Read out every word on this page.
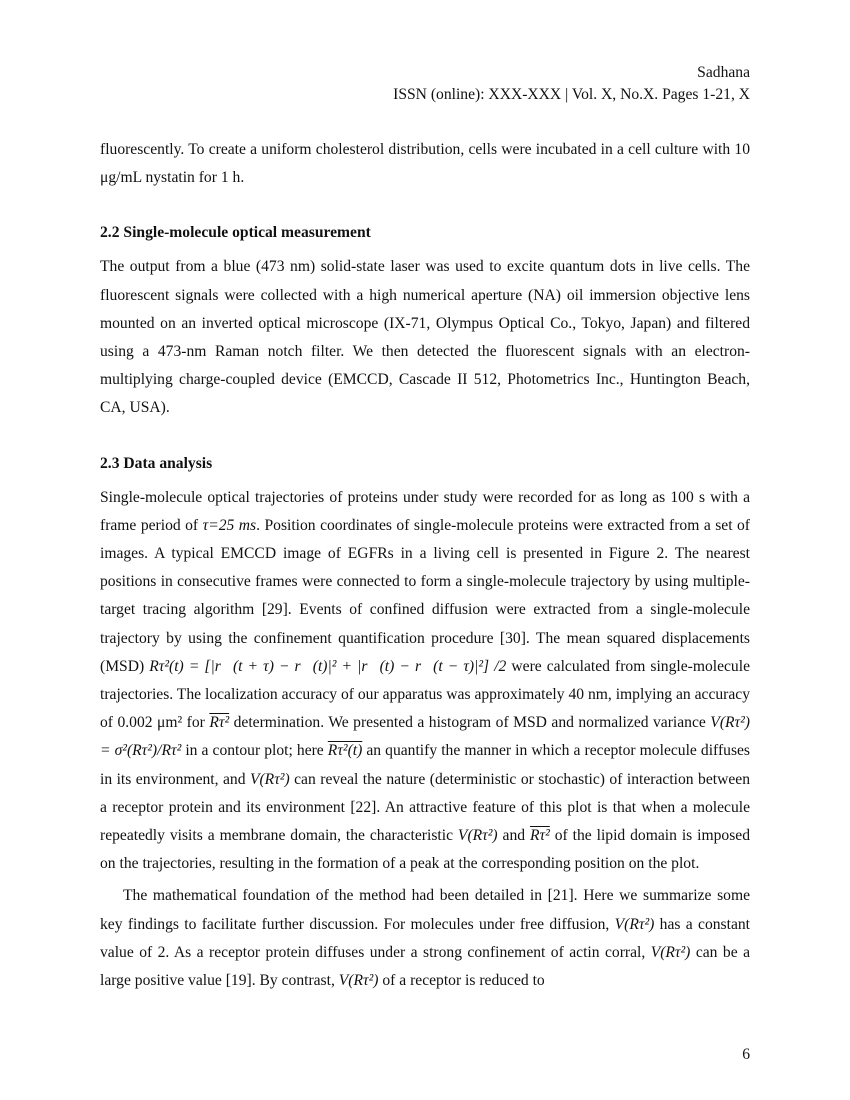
Sadhana
ISSN (online): XXX-XXX | Vol. X, No.X. Pages 1-21, X

fluorescently. To create a uniform cholesterol distribution, cells were incubated in a cell culture with 10 μg/mL nystatin for 1 h.

2.2 Single-molecule optical measurement

The output from a blue (473 nm) solid-state laser was used to excite quantum dots in live cells. The fluorescent signals were collected with a high numerical aperture (NA) oil immersion objective lens mounted on an inverted optical microscope (IX-71, Olympus Optical Co., Tokyo, Japan) and filtered using a 473-nm Raman notch filter. We then detected the fluorescent signals with an electron-multiplying charge-coupled device (EMCCD, Cascade II 512, Photometrics Inc., Huntington Beach, CA, USA).

2.3 Data analysis

Single-molecule optical trajectories of proteins under study were recorded for as long as 100 s with a frame period of τ=25 ms. Position coordinates of single-molecule proteins were extracted from a set of images. A typical EMCCD image of EGFRs in a living cell is presented in Figure 2. The nearest positions in consecutive frames were connected to form a single-molecule trajectory by using multiple-target tracing algorithm [29]. Events of confined diffusion were extracted from a single-molecule trajectory by using the confinement quantification procedure [30]. The mean squared displacements (MSD) Rτ²(t) = [|r⃗(t + τ) − r⃗(t)|² + |r⃗(t) − r⃗(t − τ)|²] /2 were calculated from single-molecule trajectories. The localization accuracy of our apparatus was approximately 40 nm, implying an accuracy of 0.002 μm² for Rτ² determination. We presented a histogram of MSD and normalized variance V(Rτ²) = σ²(Rτ²)/Rτ² in a contour plot; here Rτ²(t) an quantify the manner in which a receptor molecule diffuses in its environment, and V(Rτ²) can reveal the nature (deterministic or stochastic) of interaction between a receptor protein and its environment [22]. An attractive feature of this plot is that when a molecule repeatedly visits a membrane domain, the characteristic V(Rτ²) and Rτ² of the lipid domain is imposed on the trajectories, resulting in the formation of a peak at the corresponding position on the plot.

The mathematical foundation of the method had been detailed in [21]. Here we summarize some key findings to facilitate further discussion. For molecules under free diffusion, V(Rτ²) has a constant value of 2. As a receptor protein diffuses under a strong confinement of actin corral, V(Rτ²) can be a large positive value [19]. By contrast, V(Rτ²) of a receptor is reduced to

6
